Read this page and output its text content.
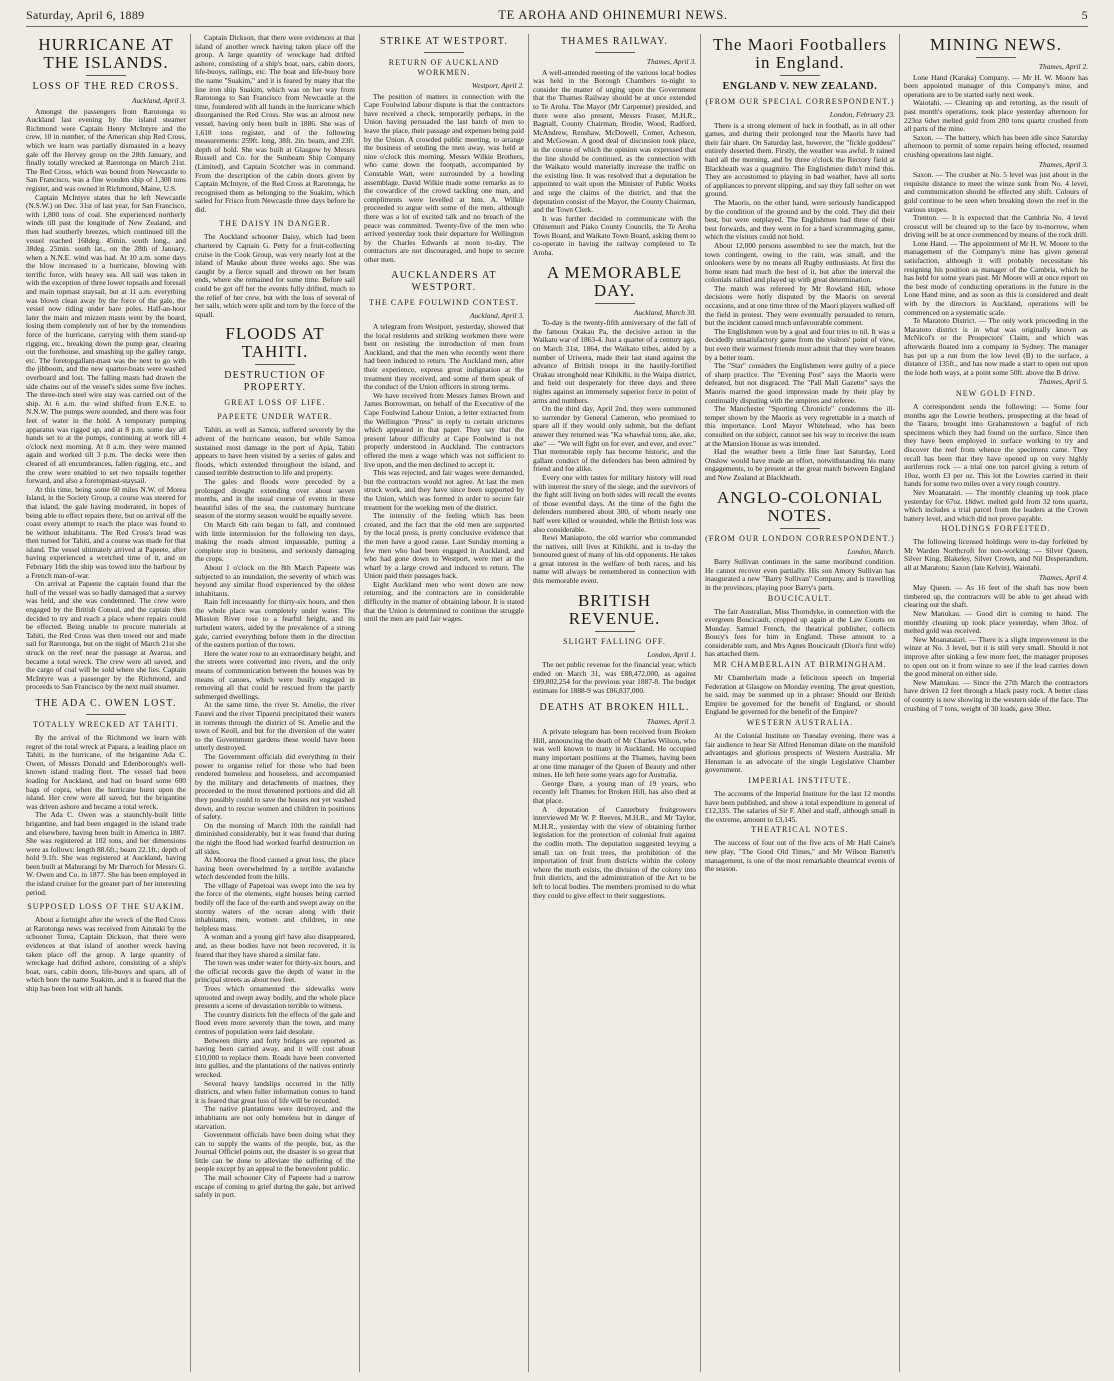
Saturday, April 6, 1889	TE AROHA AND OHINEMURI NEWS.	5
HURRICANE AT THE ISLANDS.
LOSS OF THE RED CROSS.
Auckland, April 3.

Amongst the passengers from Rarotonga to Auckland last evening by the island steamer Richmond were Captain Henry McIntyre and the crew, 10 in number, of the American ship Red Cross, which we learn was partially dismasted in a heavy gale off the Hervey group on the 28th January, and finally totally wrecked at Rarotonga on March 21st. The Red Cross, which was bound from Newcastle to San Francisco, was a fine wooden ship of 1,300 tons register, and was owned in Richmond, Maine, U.S.

Captain McIntyre states that he left Newcastle (N.S.W.) on Dec. 31st of last year, for San Francisco, with 1,800 tons of coal. She experienced northerly winds till past the longitude of New Zealand, and then had southerly breezes, which continued till the vessel reached 168deg. 45min. south long., and 38deg. 25min. south lat., on the 28th of January, when a N.N.E. wind was had. At 10 a.m. some days the blow increased to a hurricane, blowing with terrific force, with heavy sea. All sail was taken in with the exception of three lower topsails and foresail and main topmast staysail, but at 11 a.m. everything was blown clean away by the force of the gale, the vessel now riding under bare poles. Half-an-hour later the main and mizzen masts went by the board, losing them completely out of her by the tremendous force of the hurricane, carrying with them stand-up rigging, etc., breaking down the pump gear, clearing out the forehouse, and smashing up the galley range, etc. The foretopgallant-mast was the next to go with the jibboom, and the new quarter-boats were washed overboard and lost. The falling masts had drawn the side chains out of the vessel's sides some five inches. The three-inch steel wire stay was carried out of the ship. At 6 a.m. the wind shifted from E.N.E. to N.N.W. The pumps were sounded, and there was four feet of water in the hold. A temporary pumping apparatus was rigged up, and at 8 p.m. some day all hands set to at the pumps, continuing at work till 4 o'clock next morning. At 8 a.m. they were manned again and worked till 3 p.m. The decks were then cleared of all encumbrances, fallen rigging, etc., and the crew were enabled to set two topsails together forward, and also a foretopmast-staysail.

At this time, being some 60 miles N.W. of Morea Island, in the Society Group, a course was steered for that island, the gale having moderated, in hopes of being able to effect repairs there, but on arrival off the coast every attempt to reach the place was found to be without inhabitants. The Red Cross's head was then turned for Tahiti, and a course was made for that island. The vessel ultimately arrived at Papeete, after having experienced a wretched time of it, and on February 16th the ship was towed into the harbour by a French man-of-war.

On arrival at Papeete the captain found that the hull of the vessel was so badly damaged that a survey was held, and she was condemned. The crew were engaged by the British Consul, and the captain then decided to try and reach a place where repairs could be effected. Being unable to procure materials at Tahiti, the Red Cross was then towed out and made sail for Rarotonga, but on the night of March 21st she struck on the reef near the passage at Avarua, and became a total wreck. The crew were all saved, and the cargo of coal will be sold where she lies. Captain McIntyre was a passenger by the Richmond, and proceeds to San Francisco by the next mail steamer.

THE ADA C. OWEN LOST.
TOTALLY WRECKED AT TAHITI.

By the arrival of the Richmond we learn with regret of the total wreck at Papara, a leading place on Tahiti, in the hurricane, of the brigantine Ada C. Owen, of Messrs Donald and Edenborough's well-known island trading fleet. The vessel had been loading for Auckland, and had on board some 600 bags of copra, when the hurricane burst upon the island. Her crew were all saved, but the brigantine was driven ashore and became a total wreck.

The Ada C. Owen was a staunchly-built little brigantine, and had been engaged in the island trade and elsewhere, having been built in America in 1887. She was registered at 102 tons, and her dimensions were as follows: length 88.6ft.; beam 22.1ft.; depth of hold 9.1ft. She was registered at Auckland, having been built at Mahurangi by Mr Darroch for Messrs G. W. Owen and Co. in 1877. She has been employed in the island cruiser for the greater part of her interesting period.

SUPPOSED LOSS OF THE SUAKIM.

About a fortnight after the wreck of the Red Cross at Rarotonga news was received from Aitutaki by the schooner Torea, Captain Dickson, that there were evidences at that island of another wreck having taken place off the group. A large quantity of wreckage had drifted ashore, consisting of a ship's boat, oars, cabin doors, life-buoys and spars, all of which bore the name Suakim, and it is feared that the ship has been lost with all hands.

Captain Dickson, that there were evidences at that island of another wreck having taken place off the group. A large quantity of wreckage had drifted ashore, consisting of a ship's boat, oars, cabin doors, life-buoys, railings, etc. The boat and life-buoy bore the name "Suakim," and it is feared by many that the line iron ship Suakim, which was on her way from Rarotonga to San Francisco from Newcastle at the time, foundered with all hands in the hurricane which disorganised the Red Cross. She was an almost new vessel, having only been built in 1886. She was of 1,618 tons register, and of the following measurements: 259ft. long, 38ft. 2in. beam, and 23ft. depth of hold. She was built at Glasgow by Messrs Russell and Co. for the Sunbeam Ship Company (Limited), and Captain Scotcher was in command. From the description of the cabin doors given by Captain McIntyre, of the Red Cross at Rarotonga, he recognised them as belonging to the Suakim, which sailed for Frisco from Newcastle three days before he did.

THE DAISY IN DANGER.

The Auckland schooner Daisy, which had been chartered by Captain G. Petty for a fruit-collecting cruise in the Cook Group, was very nearly lost at the island of Mauke about three weeks ago. She was caught by a fierce squall and thrown on her beam ends, where she remained for some time. Before sail could be got off her the events fully drifted, much to the relief of her crew, but with the loss of several of her sails, which were split and torn by the force of the squall.

FLOODS AT TAHITI.
DESTRUCTION OF PROPERTY.
GREAT LOSS OF LIFE.
PAPEETE UNDER WATER.

Tahiti, as well as Samoa, suffered severely by the advent of the hurricane season, but while Samoa sustained most damage in the port of Apia, Tahiti appears to have been visited by a series of gales and floods, which extended throughout the island, and caused terrible destruction to life and property.

The gales and floods were preceded by a prolonged drought extending over about seven months, and in the usual course of events in these beautiful isles of the sea, the customary hurricane season of the stormy season would be equally severe.

On March 6th rain began to fall, and continued with little intermission for the following ten days, making the roads almost impassable, putting a complete stop to business, and seriously damaging the crops.

About 1 o'clock on the 8th March Papeete was subjected to an inundation, the severity of which was beyond any similar flood experienced by the oldest inhabitants.

Rain fell incessantly for thirty-six hours, and then the whole place was completely under water. The Mission River rose to a fearful height, and its turbulent waters, aided by the prevalence of a strong gale, carried everything before them in the direction of the eastern portion of the town.

Here the water rose to an extraordinary height, and the streets were converted into rivers, and the only means of communication between the houses was by means of canoes, which were busily engaged in removing all that could be rescued from the partly submerged dwellings.

At the same time, the river St. Amelie, the river Faurei and the river Tipaerui precipitated their waters in torrents through the district of St. Amelie and the town of Keoll, and but for the diversion of the water to the Government gardens these would have been utterly destroyed.

The Government officials did everything in their power to organise relief for those who had been rendered homeless and houseless, and accompanied by the military and detachments of marines, they proceeded to the most threatened portions and did all they possibly could to save the houses not yet washed down, and to rescue women and children in positions of safety.

On the morning of March 10th the rainfall had diminished considerably, but it was found that during the night the flood had worked fearful destruction on all sides.

At Moorea the flood caused a great loss, the place having been overwhelmed by a terrible avalanche which descended from the hills.

The village of Papetoai was swept into the sea by the force of the elements, eight houses being carried bodily off the face of the earth and swept away on the stormy waters of the ocean along with their inhabitants, men, women and children, in one helpless mass.

A woman and a young girl have also disappeared, and, as these bodies have not been recovered, it is feared that they have shared a similar fate.

The town was under water for thirty-six hours, and the official records gave the depth of water in the principal streets as about two feet.

Trees which ornamented the sidewalks were uprooted and swept away bodily, and the whole place presents a scene of devastation terrible to witness.

The country districts felt the effects of the gale and flood even more severely than the town, and many centres of population were laid desolate.

Between thirty and forty bridges are reported as having been carried away, and it will cost about £10,000 to replace them. Roads have been converted into gullies, and the plantations of the natives entirely wrecked.

Several heavy landslips occurred in the hilly districts, and when fuller information comes to hand it is feared that great loss of life will be recorded.

The native plantations were destroyed, and the inhabitants are not only homeless but in danger of starvation.

Government officials have been doing what they can to supply the wants of the people, but, as the Journal Officiel points out, the disaster is so great that little can be done to alleviate the suffering of the people except by an appeal to the benevolent public.

The mail schooner City of Papeete had a narrow escape of coming to grief during the gale, but arrived safely in port.

STRIKE AT WESTPORT.
RETURN OF AUCKLAND WORKMEN.
Westport, April 2.

The position of matters in connection with the Cape Foulwind labour dispute is that the contractors have received a check, temporarily perhaps, in the Union having persuaded the last batch of men to leave the place, their passage and expenses being paid by the Union. A crowded public meeting, to arrange the business of sending the men away, was held at nine o'clock this morning. Messrs Wilkie Brothers, who came down the footpath, accompanied by Constable Watt, were surrounded by a howling assemblage. David Wilkie made some remarks as to the cowardice of the crowd tackling one man, and compliments were levelled at him. A. Wilkie proceeded to argue with some of the men, although there was a lot of excited talk and no breach of the peace was committed. Twenty-five of the men who arrived yesterday took their departure for Wellington by the Charles Edwards at noon to-day. The contractors are not discouraged, and hope to secure other men.

AUCKLANDERS AT WESTPORT.
THE CAPE FOULWIND CONTEST.
Auckland, April 3.

A telegram from Westport, yesterday, showed that the local residents and striking workmen there were bent on resisting the introduction of men from Auckland, and that the men who recently went there had been induced to return. The Auckland men, after their experience, express great indignation at the treatment they received, and some of them speak of the conduct of the Union officers in strong terms.

We have received from Messrs James Brown and James Borrowman, on behalf of the Executive of the Cape Foulwind Labour Union, a letter extracted from the Wellington "Press" in reply to certain strictures which appeared in that paper. They say that the present labour difficulty at Cape Foulwind is not properly understood in Auckland. The contractors offered the men a wage which was not sufficient to live upon, and the men declined to accept it.

This was rejected, and fair wages were demanded, but the contractors would not agree. At last the men struck work, and they have since been supported by the Union, which was formed in order to secure fair treatment for the working men of the district.

The intensity of the feeling which has been created, and the fact that the old men are supported by the local press, is pretty conclusive evidence that the men have a good cause. Last Sunday morning a few men who had been engaged in Auckland, and who had gone down to Westport, were met at the wharf by a large crowd and induced to return. The Union paid their passages back.

Eight Auckland men who went down are now returning, and the contractors are in considerable difficulty in the matter of obtaining labour. It is stated that the Union is determined to continue the struggle until the men are paid fair wages.

THAMES RAILWAY.
Thames, April 3.

A well-attended meeting of the various local bodies was held in the Borough Chambers to-night to consider the matter of urging upon the Government that the Thames Railway should be at once extended to Te Aroha. The Mayor (Mr Carpenter) presided, and there were also present, Messrs Fraser, M.H.R., Bagnall, County Chairman, Brodie, Wood, Radford, McAndrew, Renshaw, McDowell, Comer, Acheson, and McGowan. A good deal of discussion took place, in the course of which the opinion was expressed that the line should be continued, as the connection with the Waikato would materially increase the traffic on the existing line. It was resolved that a deputation be appointed to wait upon the Minister of Public Works and urge the claims of the district, and that the deputation consist of the Mayor, the County Chairman, and the Town Clerk.

It was further decided to communicate with the Ohinemuri and Piako County Councils, the Te Aroha Town Board, and Waikato Town Board, asking them to co-operate in having the railway completed to Te Aroha.

A MEMORABLE DAY.
Auckland, March 30.

To-day is the twenty-fifth anniversary of the fall of the famous Orakau Pa, the decisive action in the Waikato war of 1863-4. Just a quarter of a century ago, on March 31st, 1864, the Waikato tribes, aided by a number of Uriwera, made their last stand against the advance of British troops in the hastily-fortified Orakau stronghold near Kihikihi, in the Waipa district, and held out desperately for three days and three nights against an immensely superior force in point of arms and numbers.

On the third day, April 2nd, they were summoned to surrender by General Cameron, who promised to spare all if they would only submit, but the defiant answer they returned was "Ka whawhai tonu, ake, ake, ake" — "We will fight on for ever, and ever, and ever." That memorable reply has become historic, and the gallant conduct of the defenders has been admired by friend and foe alike.

Every one with tastes for military history will read with interest the story of the siege, and the survivors of the fight still living on both sides will recall the events of those eventful days. At the time of the fight the defenders numbered about 300, of whom nearly one half were killed or wounded, while the British loss was also considerable.

Rewi Maniapoto, the old warrior who commanded the natives, still lives at Kihikihi, and is to-day the honoured guest of many of his old opponents. He takes a great interest in the welfare of both races, and his name will always be remembered in connection with this memorable event.

BRITISH REVENUE.
SLIGHT FALLING OFF.
London, April 1.

The net public revenue for the financial year, which ended on March 31, was £88,472,000, as against £89,802,254 for the previous year 1887-8. The budget estimate for 1888-9 was £86,837,000.

DEATHS AT BROKEN HILL.
Thames, April 3.

A private telegram has been received from Broken Hill, announcing the death of Mr Charles Wilson, who was well known to many in Auckland. He occupied many important positions at the Thames, having been at one time manager of the Queen of Beauty and other mines. He left here some years ago for Australia.

George Dare, a young man of 19 years, who recently left Thames for Broken Hill, has also died at that place.

A deputation of Canterbury fruitgrowers interviewed Mr W. P. Reeves, M.H.R., and Mr Taylor, M.H.R., yesterday with the view of obtaining further legislation for the protection of colonial fruit against the codlin moth. The deputation suggested levying a small tax on fruit trees, the prohibition of the importation of fruit from districts within the colony where the moth exists, the division of the colony into fruit districts, and the administration of the Act to be left to local bodies. The members promised to do what they could to give effect to their suggestions.

The Maori Footballers in England.
ENGLAND V. NEW ZEALAND.
(FROM OUR SPECIAL CORRESPONDENT.)
London, February 23.

There is a strong element of luck in football, as in all other games, and during their prolonged tour the Maoris have had their fair share. On Saturday last, however, the "fickle goddess" entirely deserted them. Firstly, the weather was awful. It rained hard all the morning, and by three o'clock the Rectory field at Blackheath was a quagmire. The Englishmen didn't mind this. They are accustomed to playing in bad weather, have all sorts of appliances to prevent slipping, and say they fall softer on wet ground.

The Maoris, on the other hand, were seriously handicapped by the condition of the ground and by the cold. They did their best, but were outplayed. The Englishmen had three of their best forwards, and they went in for a hard scrummaging game, which the visitors could not hold.

About 12,000 persons assembled to see the match, but the town contingent, owing to the rain, was small, and the onlookers were by no means all Rugby enthusiasts. At first the home team had much the best of it, but after the interval the colonials rallied and played up with great determination.

The match was refereed by Mr Rowland Hill, whose decisions were hotly disputed by the Maoris on several occasions, and at one time three of the Maori players walked off the field in protest. They were eventually persuaded to return, but the incident caused much unfavourable comment.

The Englishmen won by a goal and four tries to nil. It was a decidedly unsatisfactory game from the visitors' point of view, but even their warmest friends must admit that they were beaten by a better team.

The "Star" considers the Englishmen were guilty of a piece of sharp practice. The "Evening Post" says the Maoris were defeated, but not disgraced. The "Pall Mall Gazette" says the Maoris marred the good impression made by their play by continually disputing with the umpires and referee.

The Manchester "Sporting Chronicle" condemns the ill-temper shown by the Maoris as very regrettable in a match of this importance. Lord Mayor Whitehead, who has been consulted on the subject, cannot see his way to receive the team at the Mansion House as was intended.

Had the weather been a little finer last Saturday, Lord Onslow would have made an effort, notwithstanding his many engagements, to be present at the great match between England and New Zealand at Blackheath.

ANGLO-COLONIAL NOTES.
(FROM OUR LONDON CORRESPONDENT.)
London, March.

Barry Sullivan continues in the same moribund condition. He cannot recover even partially. His son Amory Sullivan has inaugurated a new "Barry Sullivan" Company, and is travelling in the provinces, playing poor Barry's parts.

BOUCICAULT.

The fair Australian, Miss Thorndyke, in connection with the evergreen Boucicault, cropped up again at the Law Courts on Monday. Samuel French, the theatrical publisher, collects Boucy's fees for him in England. These amount to a considerable sum, and Mrs Agnes Boucicault (Dion's first wife) has attached them.

MR CHAMBERLAIN AT BIRMINGHAM.

Mr Chamberlain made a felicitous speech on Imperial Federation at Glasgow on Monday evening. The great question, he said, may be summed up in a phrase: Should our British Empire be governed for the benefit of England, or should England be governed for the benefit of the Empire?

WESTERN AUSTRALIA.

At the Colonial Institute on Tuesday evening, there was a fair audience to hear Sir Alfred Hensman dilate on the manifold advantages and glorious prospects of Western Australia. Mr Hensman is an advocate of the single Legislative Chamber government.

IMPERIAL INSTITUTE.

The accounts of the Imperial Institute for the last 12 months have been published, and show a total expenditure in general of £12,335. The salaries of Sir F. Abel and staff, although small in the extreme, amount to £3,145.

THEATRICAL NOTES.

The success of four out of the five acts of Mr Hall Caine's new play, "The Good Old Times," and Mr Wilson Barrett's management, is one of the most remarkable theatrical events of the season.

MINING NEWS.
Thames, April 2.

Lone Hand (Karaka) Company. — Mr H. W. Moore has been appointed manager of this Company's mine, and operations are to be started early next week.

Waiotahi. — Cleaning up and retorting, as the result of past month's operations, took place yesterday afternoon for 223oz 6dwt melted gold from 200 tons quartz crushed from all parts of the mine.

Saxon. — The battery, which has been idle since Saturday afternoon to permit of some repairs being effected, resumed crushing operations last night.

Thames, April 3.

Saxon. — The crusher at No. 5 level was just about in the requisite distance to meet the winze sunk from No. 4 level, and communication should be effected any shift. Colours of gold continue to be seen when breaking down the reef in the various stopes.

Trenton. — It is expected that the Cambria No. 4 level crosscut will be cleared up to the face by to-morrow, when driving will be at once commenced by means of the rock drill.

Lone Hand. — The appointment of Mr H. W. Moore to the management of the Company's mine has given general satisfaction, although it will probably necessitate his resigning his position as manager of the Cambria, which he has held for some years past. Mr Moore will at once report on the best mode of conducting operations in the future in the Lone Hand mine, and as soon as this is considered and dealt with by the directors in Auckland, operations will be commenced on a systematic scale.

Te Maratoto District. — The only work proceeding in the Maratoto district is in what was originally known as McNicol's or the Prospectors' Claim, and which was afterwards floated into a company in Sydney. The manager has put up a run from the low level (B) to the surface, a distance of 135ft., and has now made a start to open out upon the lode both ways, at a point some 50ft. above the B drive.

Thames, April 5.
NEW GOLD FIND.

A correspondent sends the following: — Some four months ago the Lowrie brothers, prospecting at the head of the Tararu, brought into Grahamstown a bagful of rich specimens which they had found on the surface. Since then they have been employed in surface working to try and discover the reef from whence the specimens came. They recall has been that they have opened up on very highly auriferous rock — a trial one ton parcel giving a return of 10oz, worth £3 per oz. This lot the Lowries carried in their hands for some two miles over a very rough country.

Nev Moanatairi. — The monthly cleaning up took place yesterday for 67oz. 18dwt. melted gold from 32 tons quartz, which includes a trial parcel from the leaders at the Crown battery level, and which did not prove payable.

HOLDINGS FORFEITED.

The following licensed holdings were to-day forfeited by Mr Warden Northcroft for non-working: — Silver Queen, Silver King, Blakeley, Silver Crown, and Nil Desperandum, all at Maratoto; Saxon (late Kelvin), Waiotahi.

Thames, April 4.

May Queen. — As 16 feet of the shaft has now been timbered up, the contractors will be able to get ahead with clearing out the shaft.

New Manukau. — Good dirt is coming to hand. The monthly cleaning up took place yesterday, when 38oz. of melted gold was received.

New Moanataiari. — There is a slight improvement in the winze at No. 3 level, but it is still very small. Should it not improve after sinking a few more feet, the manager proposes to open out on it from winze to see if the lead carries down the good mineral on either side.

New Manukau. — Since the 27th March the contractors have driven 12 feet through a black pasty rock. A better class of country is now showing in the western side of the face. The crushing of 7 tons, weight of 30 loads, gave 30oz.
